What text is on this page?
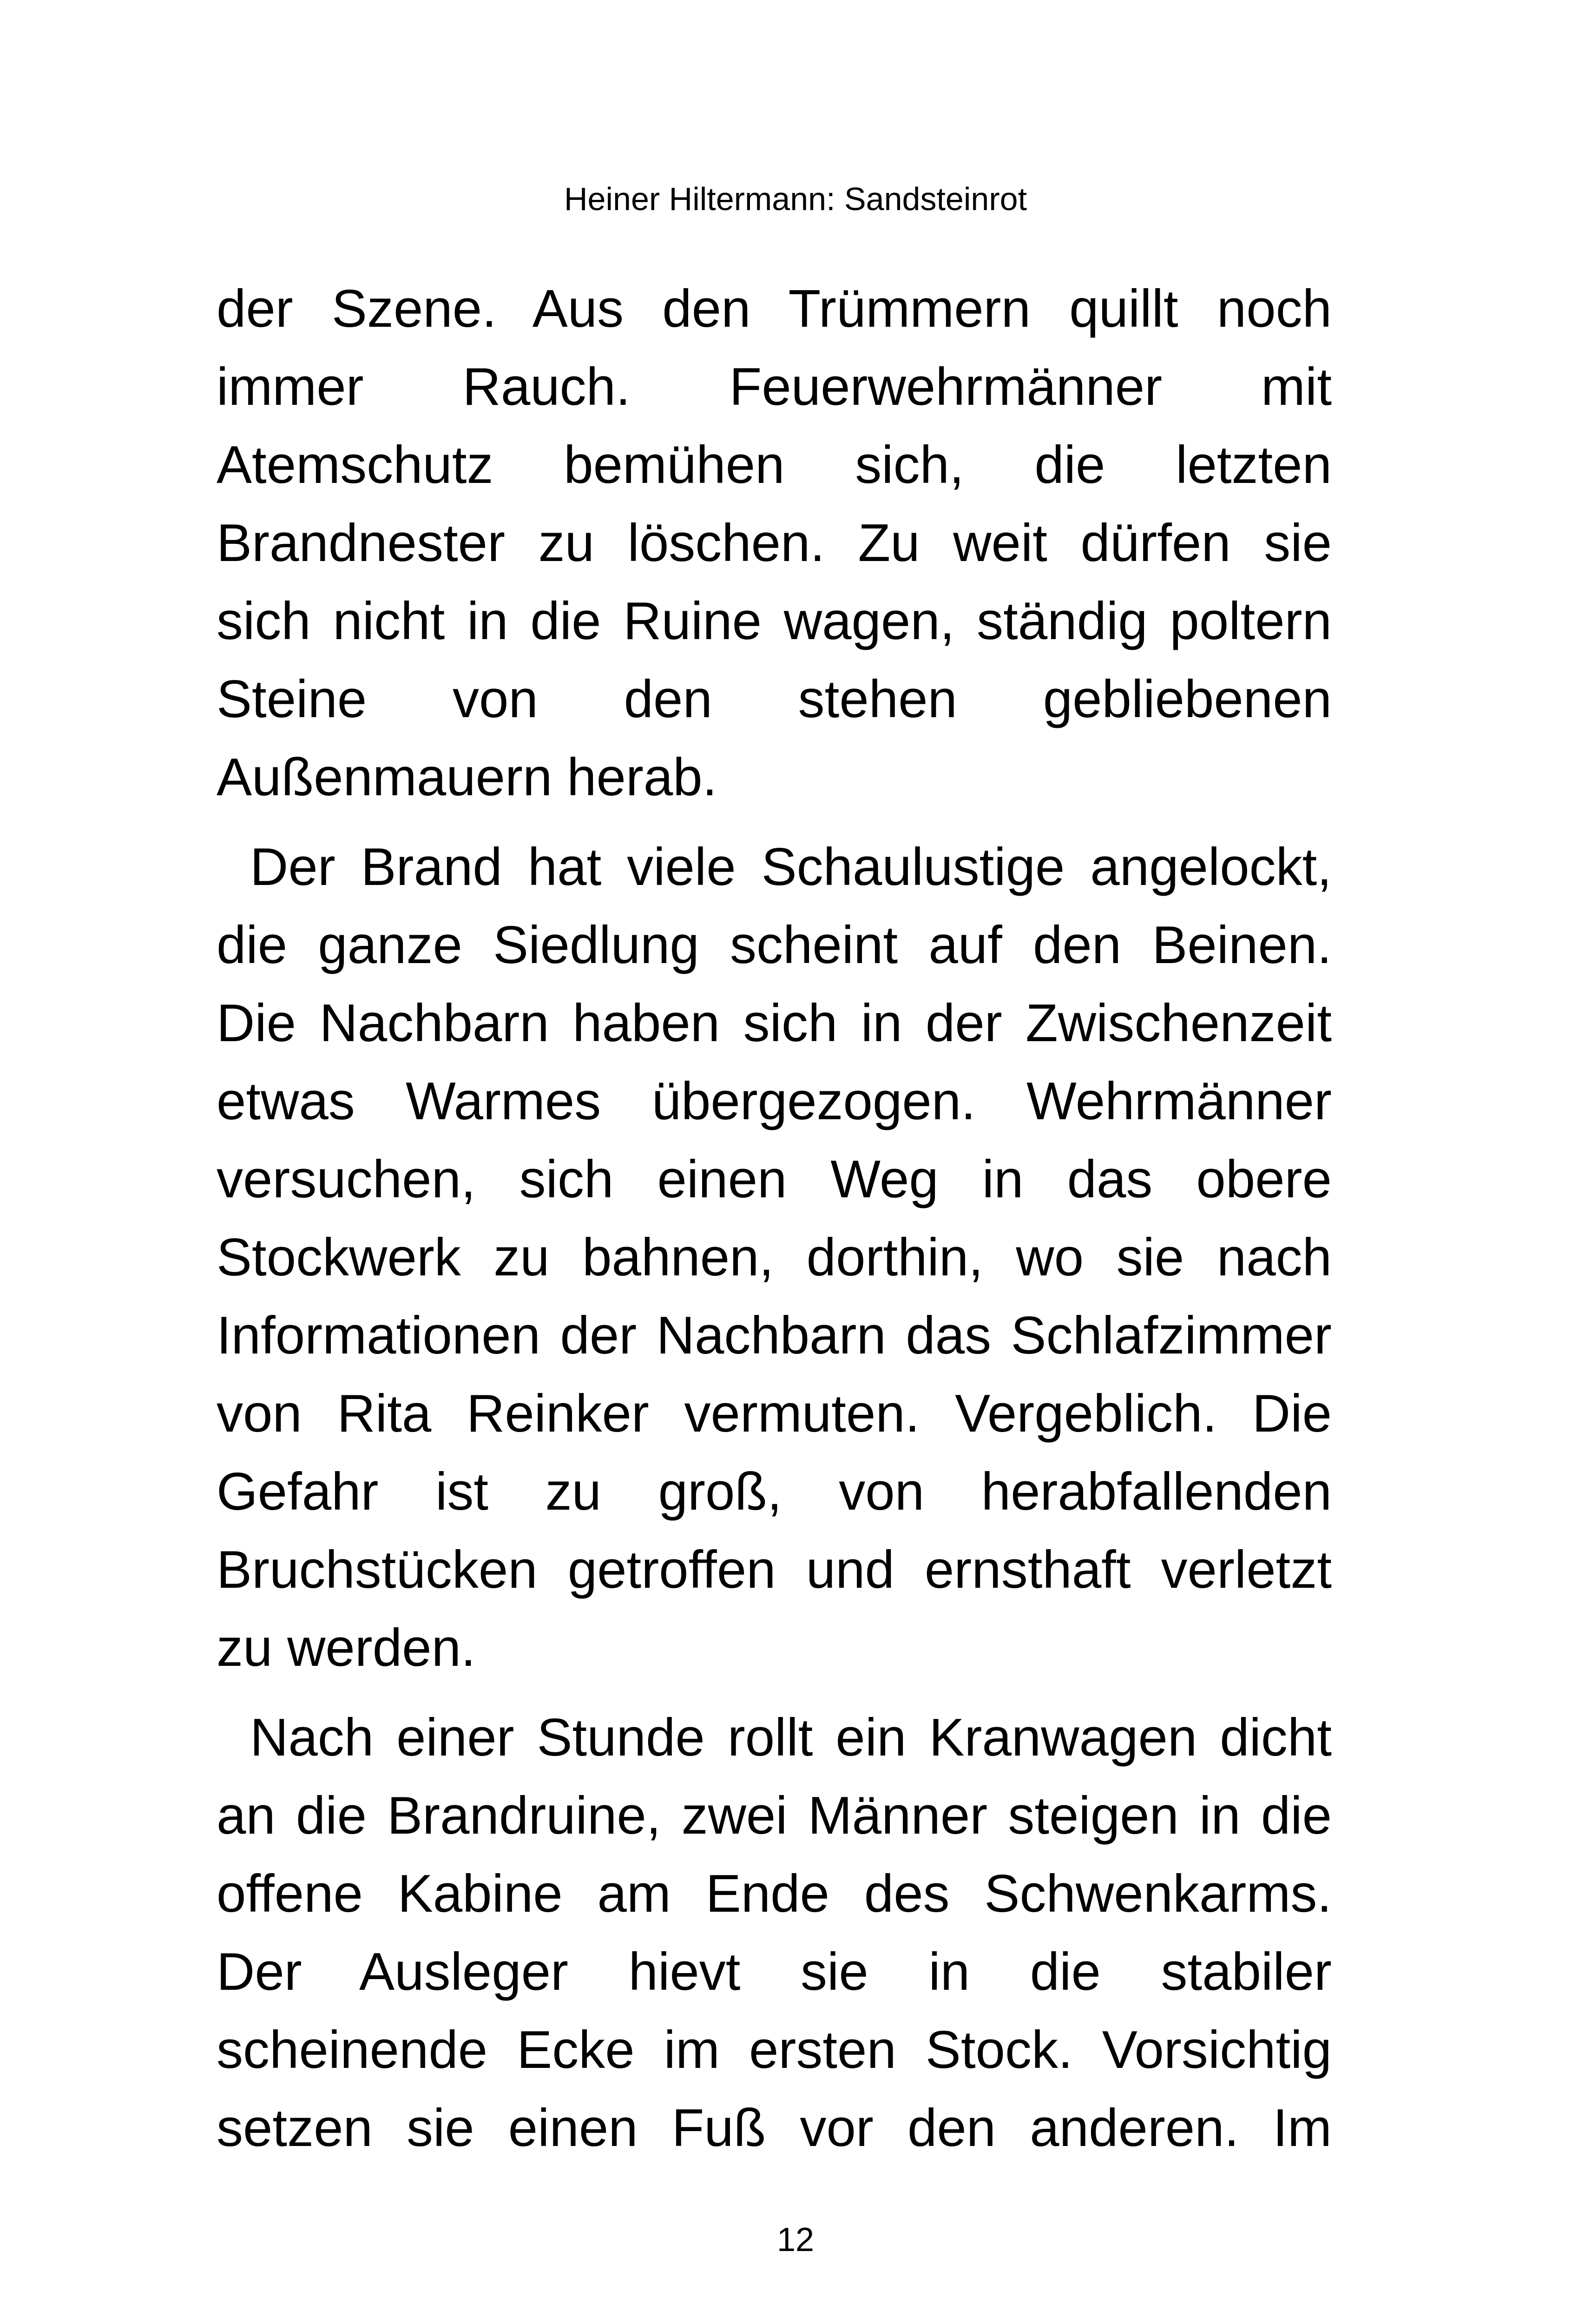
Heiner Hiltermann: Sandsteinrot
der Szene. Aus den Trümmern quillt noch
immer Rauch. Feuerwehrmänner mit
Atemschutz bemühen sich, die letzten
Brandnester zu löschen. Zu weit dürfen sie
sich nicht in die Ruine wagen, ständig poltern
Steine von den stehen gebliebenen
Außenmauern herab.
Der Brand hat viele Schaulustige angelockt,
die ganze Siedlung scheint auf den Beinen.
Die Nachbarn haben sich in der Zwischenzeit
etwas Warmes übergezogen. Wehrmänner
versuchen, sich einen Weg in das obere
Stockwerk zu bahnen, dorthin, wo sie nach
Informationen der Nachbarn das Schlafzimmer
von Rita Reinker vermuten. Vergeblich. Die
Gefahr ist zu groß, von herabfallenden
Bruchstücken getroffen und ernsthaft verletzt
zu werden.
Nach einer Stunde rollt ein Kranwagen dicht
an die Brandruine, zwei Männer steigen in die
offene Kabine am Ende des Schwenkarms.
Der Ausleger hievt sie in die stabiler
scheinende Ecke im ersten Stock. Vorsichtig
setzen sie einen Fuß vor den anderen. Im
12
